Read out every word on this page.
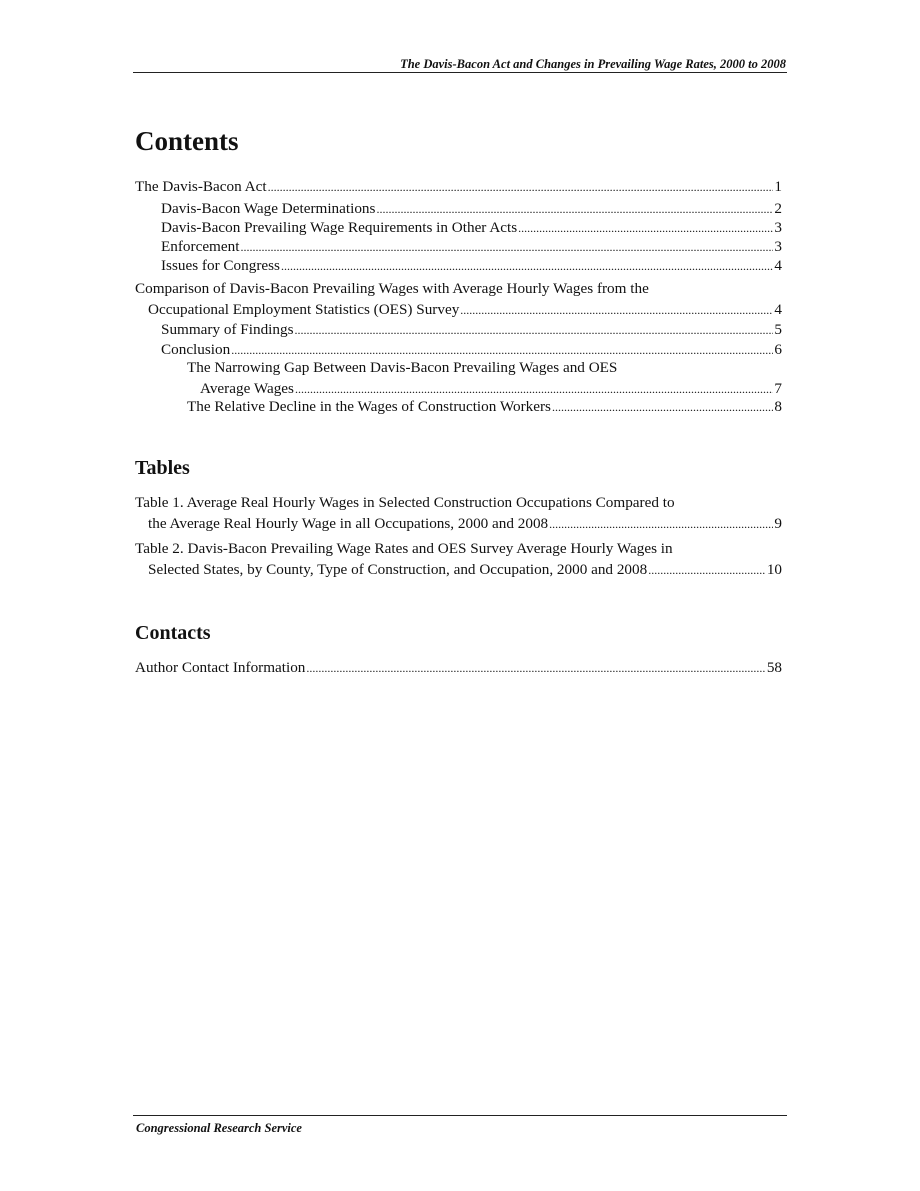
The Davis-Bacon Act and Changes in Prevailing Wage Rates, 2000 to 2008
Contents
The Davis-Bacon Act .....	1
Davis-Bacon Wage Determinations .....	2
Davis-Bacon Prevailing Wage Requirements in Other Acts .....	3
Enforcement .....	3
Issues for Congress .....	4
Comparison of Davis-Bacon Prevailing Wages with Average Hourly Wages from the
Occupational Employment Statistics (OES) Survey .....	4
Summary of Findings .....	5
Conclusion .....	6
The Narrowing Gap Between Davis-Bacon Prevailing Wages and OES
Average Wages .....	7
The Relative Decline in the Wages of Construction Workers .....	8
Tables
Table 1. Average Real Hourly Wages in Selected Construction Occupations Compared to
the Average Real Hourly Wage in all Occupations, 2000 and 2008 .....	9
Table 2. Davis-Bacon Prevailing Wage Rates and OES Survey Average Hourly Wages in
Selected States, by County, Type of Construction, and Occupation, 2000 and 2008 .....	10
Contacts
Author Contact Information .....	58
Congressional Research Service
